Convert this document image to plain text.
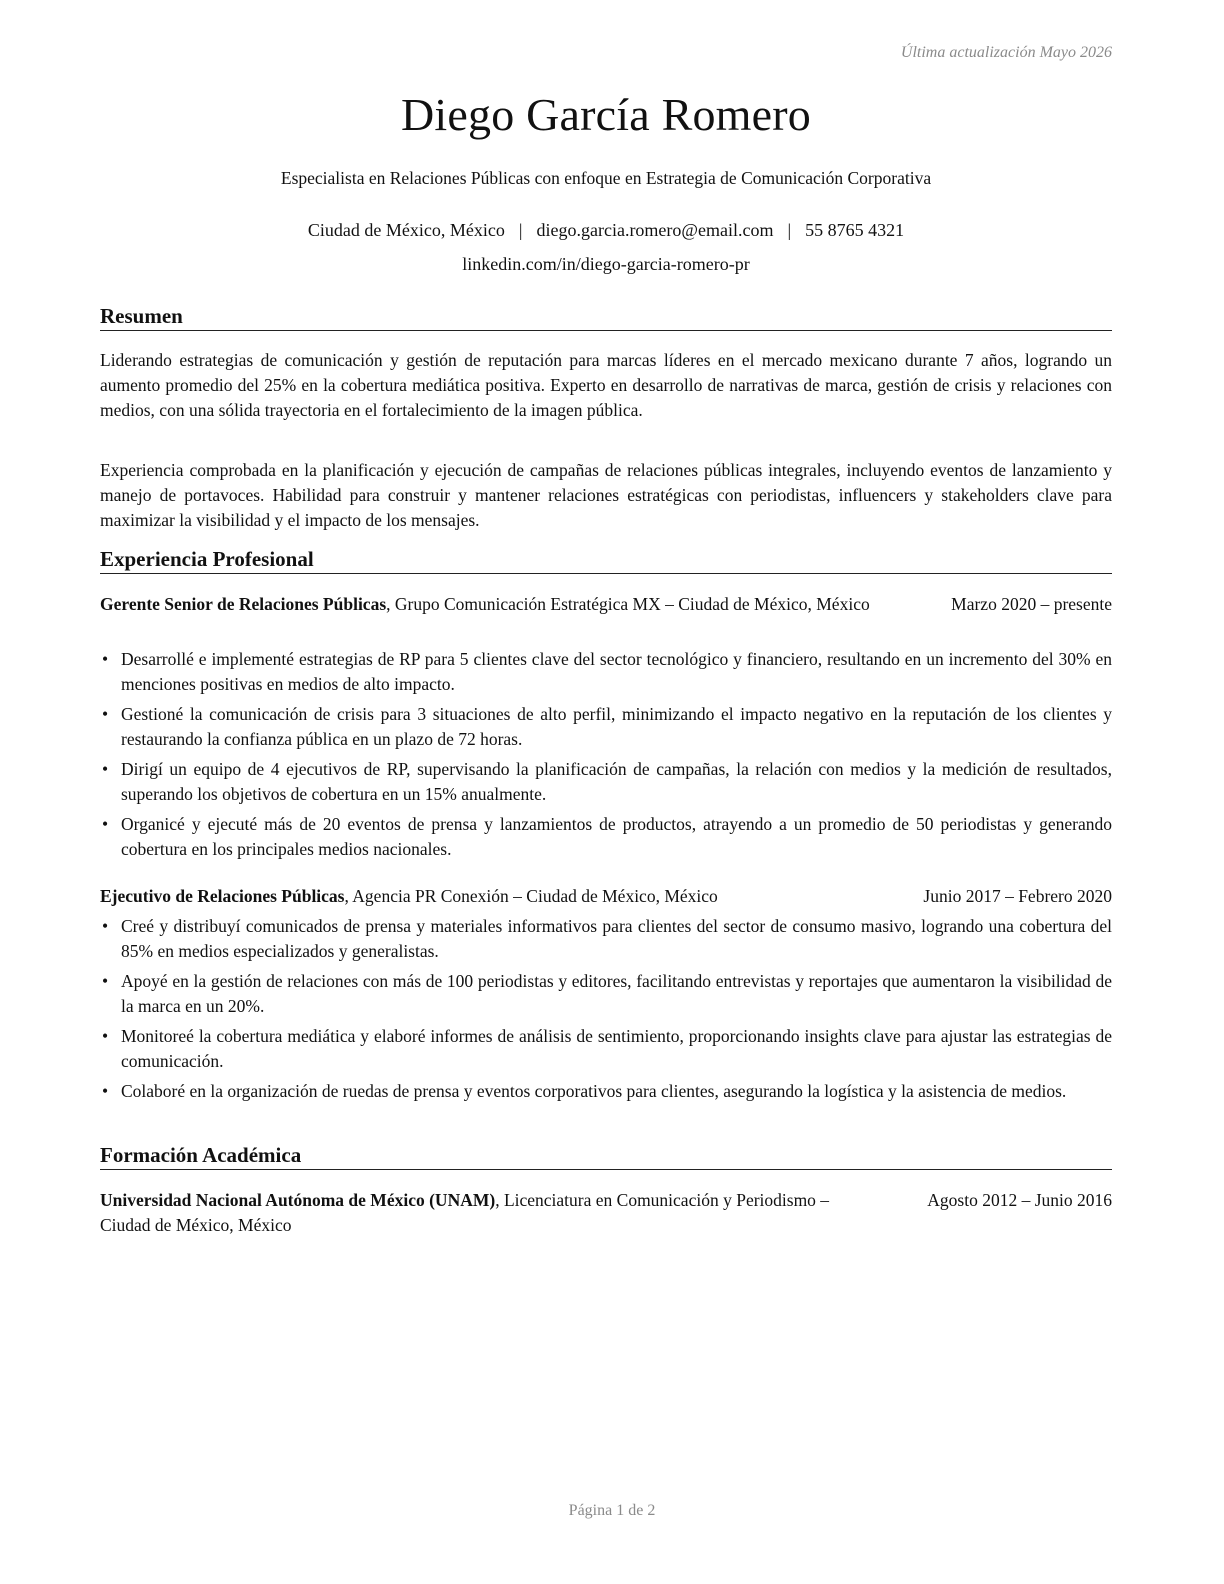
Última actualización Mayo 2026
Diego García Romero
Especialista en Relaciones Públicas con enfoque en Estrategia de Comunicación Corporativa
Ciudad de México, México | diego.garcia.romero@email.com | 55 8765 4321
linkedin.com/in/diego-garcia-romero-pr
Resumen

Liderando estrategias de comunicación y gestión de reputación para marcas líderes en el mercado mexicano durante 7 años, logrando un aumento promedio del 25% en la cobertura mediática positiva. Experto en desarrollo de narrativas de marca, gestión de crisis y relaciones con medios, con una sólida trayectoria en el fortalecimiento de la imagen pública.

Experiencia comprobada en la planificación y ejecución de campañas de relaciones públicas integrales, incluyendo eventos de lanzamiento y manejo de portavoces. Habilidad para construir y mantener relaciones estratégicas con periodistas, influencers y stakeholders clave para maximizar la visibilidad y el impacto de los mensajes.

Experiencia Profesional
Gerente Senior de Relaciones Públicas, Grupo Comunicación Estratégica MX – Ciudad de México, México	Marzo 2020 – presente
• Desarrollé e implementé estrategias de RP para 5 clientes clave del sector tecnológico y financiero, resultando en un incremento del 30% en menciones positivas en medios de alto impacto.
• Gestioné la comunicación de crisis para 3 situaciones de alto perfil, minimizando el impacto negativo en la reputación de los clientes y restaurando la confianza pública en un plazo de 72 horas.
• Dirigí un equipo de 4 ejecutivos de RP, supervisando la planificación de campañas, la relación con medios y la medición de resultados, superando los objetivos de cobertura en un 15% anualmente.
• Organicé y ejecuté más de 20 eventos de prensa y lanzamientos de productos, atrayendo a un promedio de 50 periodistas y generando cobertura en los principales medios nacionales.
Ejecutivo de Relaciones Públicas, Agencia PR Conexión – Ciudad de México, México	Junio 2017 – Febrero 2020
• Creé y distribuyí comunicados de prensa y materiales informativos para clientes del sector de consumo masivo, logrando una cobertura del 85% en medios especializados y generalistas.
• Apoyé en la gestión de relaciones con más de 100 periodistas y editores, facilitando entrevistas y reportajes que aumentaron la visibilidad de la marca en un 20%.
• Monitoreé la cobertura mediática y elaboré informes de análisis de sentimiento, proporcionando insights clave para ajustar las estrategias de comunicación.
• Colaboré en la organización de ruedas de prensa y eventos corporativos para clientes, asegurando la logística y la asistencia de medios.
Formación Académica
Universidad Nacional Autónoma de México (UNAM), Licenciatura en Comunicación y Periodismo – Ciudad de México, México
Agosto 2012 – Junio 2016
Página 1 de 2
